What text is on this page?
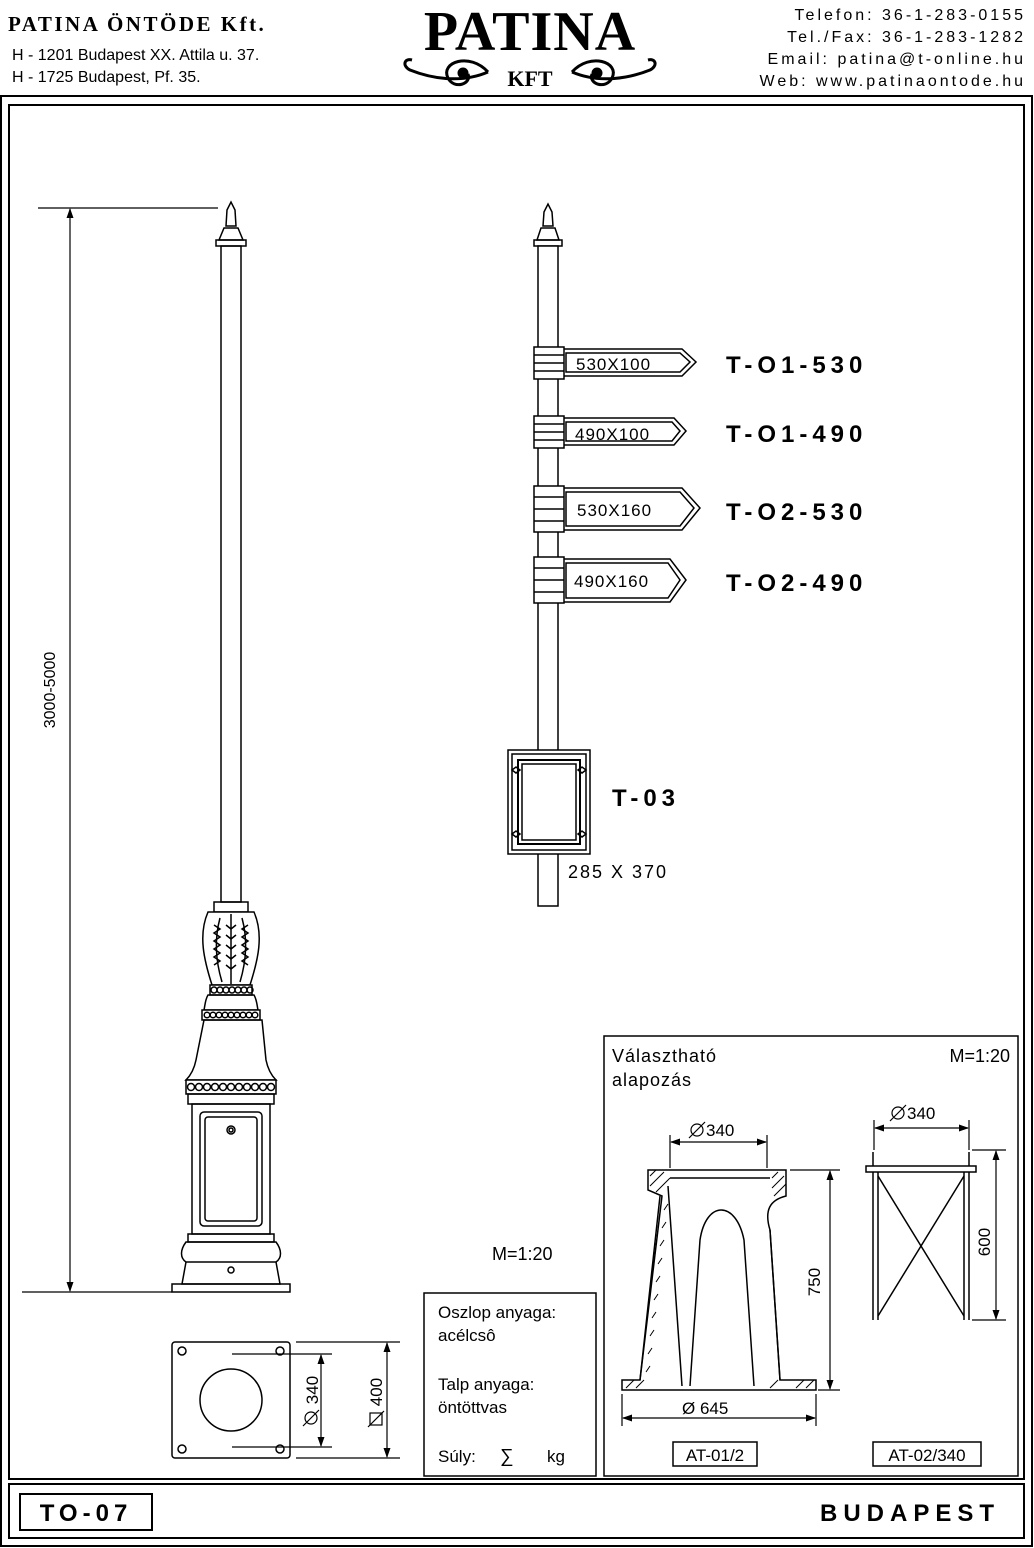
PATINA ÖNTÖDE Kft.
H - 1201 Budapest XX. Attila u. 37.
H - 1725 Budapest, Pf. 35.
PATINA
KFT
Telefon: 36-1-283-0155
Tel./Fax: 36-1-283-1282
Email: patina@t-online.hu
Web: www.patinaontode.hu
3000-5000
M=1:20
530X100
490X100
530X160
490X160
T-O1-530
T-O1-490
T-O2-530
T-O2-490
T-03
285 X 370
340	400
Oszlop anyaga:
acélcsô
Talp anyaga:
öntöttvas
Súly: ∑ kg
Választható
alapozás
M=1:20
340
750
Ø 645
AT-01/2
340
600
AT-02/340
TO-07	BUDAPEST
